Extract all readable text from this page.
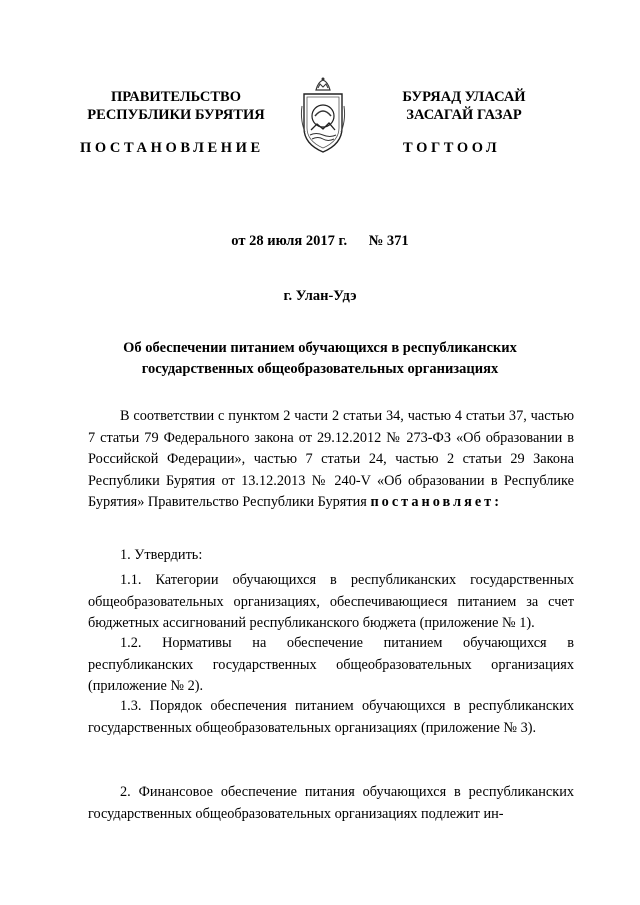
ПРАВИТЕЛЬСТВО
РЕСПУБЛИКИ БУРЯТИЯ
БУРЯАД УЛАСАЙ
ЗАСАГАЙ ГАЗАР
ПОСТАНОВЛЕНИЕ	ТОГТООЛ
от 28 июля 2017 г. № 371
г. Улан-Удэ
Об обеспечении питанием обучающихся в республиканских
государственных общеобразовательных организациях

В соответствии с пунктом 2 части 2 статьи 34, частью 4 статьи 37, частью 7 статьи 79 Федерального закона от 29.12.2012 № 273-ФЗ «Об образовании в Российской Федерации», частью 7 статьи 24, частью 2 статьи 29 Закона Республики Бурятия от 13.12.2013 № 240-V «Об образовании в Республике Бурятия» Правительство Республики Бурятия постановляет:

1. Утвердить:

1.1. Категории обучающихся в республиканских государственных общеобразовательных организациях, обеспечивающиеся питанием за счет бюджетных ассигнований республиканского бюджета (приложение № 1).

1.2. Нормативы на обеспечение питанием обучающихся в республиканских государственных общеобразовательных организациях (приложение № 2).

1.3. Порядок обеспечения питанием обучающихся в республиканских государственных общеобразовательных организациях (приложение № 3).

2. Финансовое обеспечение питания обучающихся в республиканских государственных общеобразовательных организациях подлежит ин-
